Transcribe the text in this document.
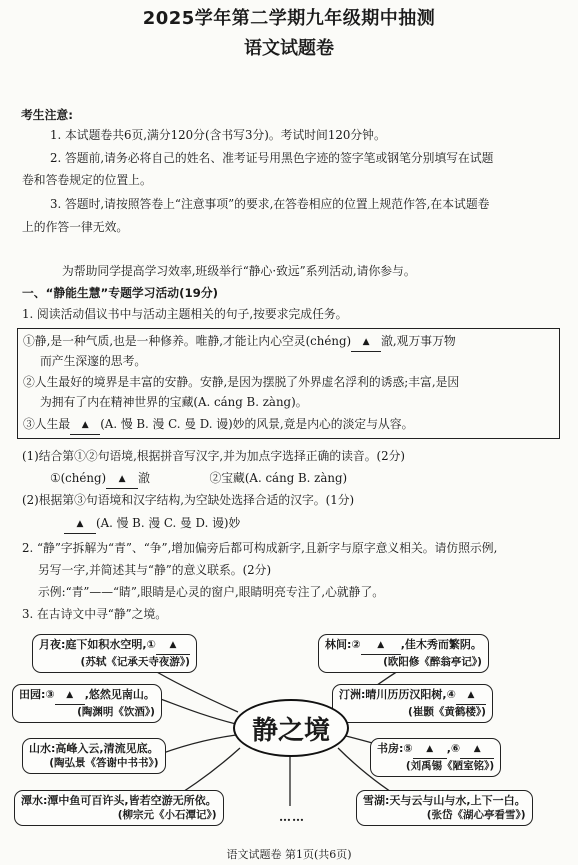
2025学年第二学期九年级期中抽测
语文试题卷
考生注意:
1. 本试题卷共6页,满分120分(含书写3分)。考试时间120分钟。
2. 答题前,请务必将自己的姓名、准考证号用黑色字迹的签字笔或钢笔分别填写在试题
卷和答卷规定的位置上。
3. 答题时,请按照答卷上“注意事项”的要求,在答卷相应的位置上规范作答,在本试题卷
上的作答一律无效。
为帮助同学提高学习效率,班级举行“静心·致远”系列活动,请你参与。
一、“静能生慧”专题学习活动(19分)
1. 阅读活动倡议书中与活动主题相关的句子,按要求完成任务。
①静,是一种气质,也是一种修养。唯静,才能让内心空灵(chéng) ▲ 澈,观万事万物
而产生深邃的思考。
②人生最好的境界是丰富的安静。安静,是因为摆脱了外界虚名浮利的诱惑;丰富,是因
为拥有了内在精神世界的宝藏(A. cáng B. zàng)。
③人生最 ▲ (A. 慢 B. 漫 C. 曼 D. 谩)妙的风景,竟是内心的淡定与从容。
(1)结合第①②句语境,根据拼音写汉字,并为加点字选择正确的读音。(2分)
①(chéng) ▲ 澈	②宝藏(A. cáng B. zàng)
(2)根据第③句语境和汉字结构,为空缺处选择合适的汉字。(1分)
▲ (A. 慢 B. 漫 C. 曼 D. 谩)妙
2. “静”字拆解为“青”、“争”,增加偏旁后都可构成新字,且新字与原字意义相关。请仿照示例,
另写一字,并简述其与“静”的意义联系。(2分)
示例:“青”——“睛”,眼睛是心灵的窗户,眼睛明亮专注了,心就静了。
3. 在古诗文中寻“静”之境。
月夜:庭下如积水空明,① ▲
(苏轼《记承天寺夜游》)
田园:③ ▲ ,悠然见南山。
(陶渊明《饮酒》)
山水:高峰入云,清流见底。
(陶弘景《答谢中书书》)
潭水:潭中鱼可百许头,皆若空游无所依。
(柳宗元《小石潭记》)
林间:② ▲ ,佳木秀而繁阴。
(欧阳修《醉翁亭记》)
汀洲:晴川历历汉阳树,④ ▲
(崔颢《黄鹤楼》)
书房:⑤ ▲ ,⑥ ▲
(刘禹锡《陋室铭》)
雪湖:天与云与山与水,上下一白。
(张岱《湖心亭看雪》)
静之境
……
语文试题卷 第1页(共6页)
